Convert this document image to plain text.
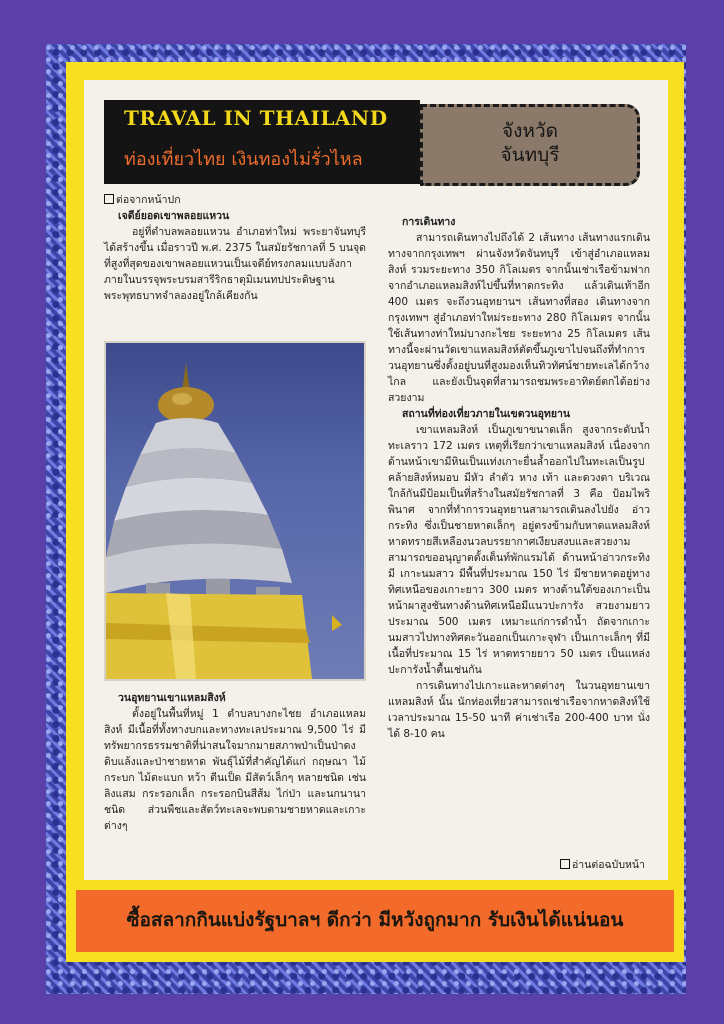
TRAVAL IN THAILAND
ท่องเที่ยวไทย เงินทองไม่รั่วไหล
จังหวัด
จันทบุรี
ต่อจากหน้าปก

เจดีย์ยอดเขาพลอยแหวน

อยู่ที่ตำบลพลอยแหวน อำเภอท่าใหม่ พระยาจันทบุรีได้สร้างขึ้น เมื่อราวปี พ.ศ. 2375 ในสมัยรัชกาลที่ 5 บนจุดที่สูงที่สุดของเขาพลอยแหวนเป็นเจดีย์ทรงกลมแบบลังกา ภายในบรรจุพระบรมสารีริกธาตุมิเมนทปประดิษฐานพระพุทธบาทจำลองอยู่ใกล้เคียงกัน

วนอุทยานเขาแหลมสิงห์

ตั้งอยู่ในพื้นที่หมู่ 1 ตำบลบางกะไชย อำเภอแหลมสิงห์ มีเนื้อที่ทั้งทางบกและทางทะเลประมาณ 9,500 ไร่ มีทรัพยากรธรรมชาติที่น่าสนใจมากมายสภาพป่าเป็นป่าดงดิบแล้งและป่าชายหาด พันธุ์ไม้ที่สำคัญได้แก่ กฤษณา ไม้กระบก ไม้ตะแบก หว้า ตีนเป็ด มีสัตว์เล็กๆ หลายชนิด เช่น ลิงแสม กระรอกเล็ก กระรอกบินสีส้ม ไก่ป่า และนกนานาชนิด ส่วนพืชและสัตว์ทะเลจะพบตามชายหาดและเกาะต่างๆ

การเดินทาง

สามารถเดินทางไปถึงได้ 2 เส้นทาง เส้นทางแรกเดินทางจากกรุงเทพฯ ผ่านจังหวัดจันทบุรี เข้าสู่อำเภอแหลมสิงห์ รวมระยะทาง 350 กิโลเมตร จากนั้นเช่าเรือข้ามฟากจากอำเภอแหลมสิงห์ไปขึ้นที่หาดกระทิง แล้วเดินเท้าอีก 400 เมตร จะถึงวนอุทยานฯ เส้นทางที่สอง เดินทางจากกรุงเทพฯ สู่อำเภอท่าใหม่ระยะทาง 280 กิโลเมตร จากนั้นใช้เส้นทางท่าใหม่บางกะไชย ระยะทาง 25 กิโลเมตร เส้นทางนี้จะผ่านวัดเขาแหลมสิงห์ตัดขึ้นภูเขาไปจนถึงที่ทำการวนอุทยานซึ่งตั้งอยู่บนที่สูงมองเห็นทิวทัศน์ชายทะเลได้กว้างไกล และยังเป็นจุดที่สามารถชมพระอาทิตย์ตกได้อย่างสวยงาม

สถานที่ท่องเที่ยวภายในเขตวนอุทยาน

เขาแหลมสิงห์ เป็นภูเขาขนาดเล็ก สูงจากระดับน้ำทะเลราว 172 เมตร เหตุที่เรียกว่าเขาแหลมสิงห์ เนื่องจากด้านหน้าเขามีหินเป็นแท่งเกาะยื่นล้ำออกไปในทะเลเป็นรูปคล้ายสิงห์หมอบ มีหัว ลำตัว หาง เท้า และดวงตา บริเวณใกล้กันมีป้อมเป็นที่สร้างในสมัยรัชกาลที่ 3 คือ ป้อมไพริพินาศ จากที่ทำการวนอุทยานสามารถเดินลงไปยัง อ่าวกระทิง ซึ่งเป็นชายหาดเล็กๆ อยู่ตรงข้ามกับหาดแหลมสิงห์ หาดทรายสีเหลืองนวลบรรยากาศเงียบสงบและสวยงาม สามารถขออนุญาตตั้งเต็นท์พักแรมได้ ด้านหน้าอ่าวกระทิงมี เกาะนมสาว มีพื้นที่ประมาณ 150 ไร่ มีชายหาดอยู่ทางทิศเหนือของเกาะยาว 300 เมตร ทางด้านใต้ของเกาะเป็นหน้าผาสูงชันทางด้านทิศเหนือมีแนวปะการัง สวยงามยาวประมาณ 500 เมตร เหมาะแก่การดำน้ำ ถัดจากเกาะนมสาวไปทางทิศตะวันออกเป็นเกาะจุฬา เป็นเกาะเล็กๆ ที่มีเนื้อที่ประมาณ 15 ไร่ หาดทรายยาว 50 เมตร เป็นแหล่งปะการังน้ำตื้นเช่นกัน

การเดินทางไปเกาะและหาดต่างๆ ในวนอุทยานเขาแหลมสิงห์ นั้น นักท่องเที่ยวสามารถเช่าเรือจากหาดสิงห์ใช้เวลาประมาณ 15-50 นาที ค่าเช่าเรือ 200-400 บาท นั่งได้ 8-10 คน

อ่านต่อฉบับหน้า
ซื้อสลากกินแบ่งรัฐบาลฯ ดีกว่า มีหวังถูกมาก รับเงินได้แน่นอน
